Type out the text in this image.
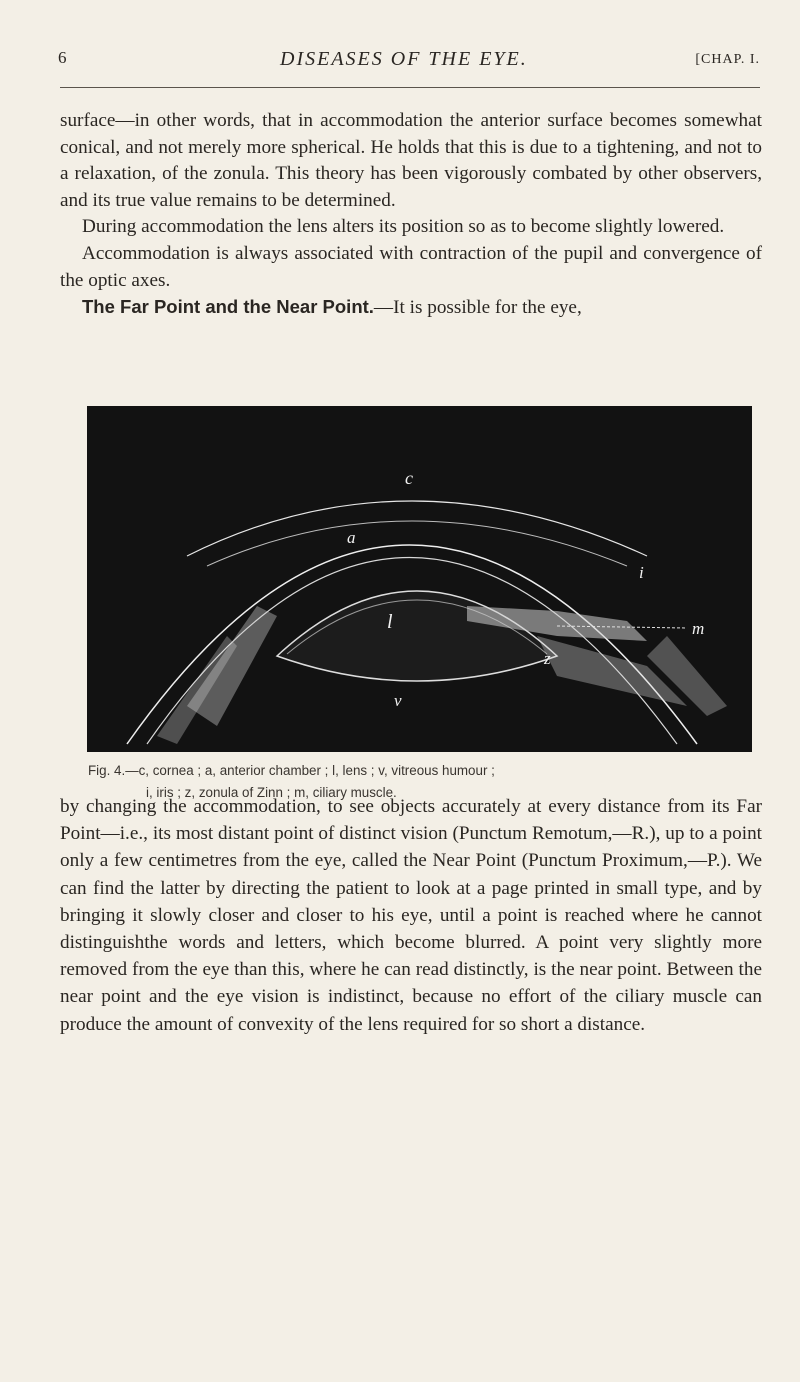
6	DISEASES OF THE EYE.	[CHAP. I.

surface—in other words, that in accommodation the anterior surface becomes somewhat conical, and not merely more spherical. He holds that this is due to a tightening, and not to a relaxation, of the zonula. This theory has been vigorously combated by other observers, and its true value remains to be determined.

During accommodation the lens alters its position so as to become slightly lowered.

Accommodation is always associated with contraction of the pupil and convergence of the optic axes.

The Far Point and the Near Point.—It is possible for the eye,

c
a
i
l	m
z
v
Fig. 4.—c, cornea ; a, anterior chamber ; l, lens ; v, vitreous humour ;
i, iris ; z, zonula of Zinn ; m, ciliary muscle.

by changing the accommodation, to see objects accurately at every distance from its Far Point—i.e., its most distant point of distinct vision (Punctum Remotum,—R.), up to a point only a few centimetres from the eye, called the Near Point (Punctum Proximum,—P.). We can find the latter by directing the patient to look at a page printed in small type, and by bringing it slowly closer and closer to his eye, until a point is reached where he cannot distinguishthe words and letters, which become blurred. A point very slightly more removed from the eye than this, where he can read distinctly, is the near point. Between the near point and the eye vision is indistinct, because no effort of the ciliary muscle can produce the amount of convexity of the lens required for so short a distance.
